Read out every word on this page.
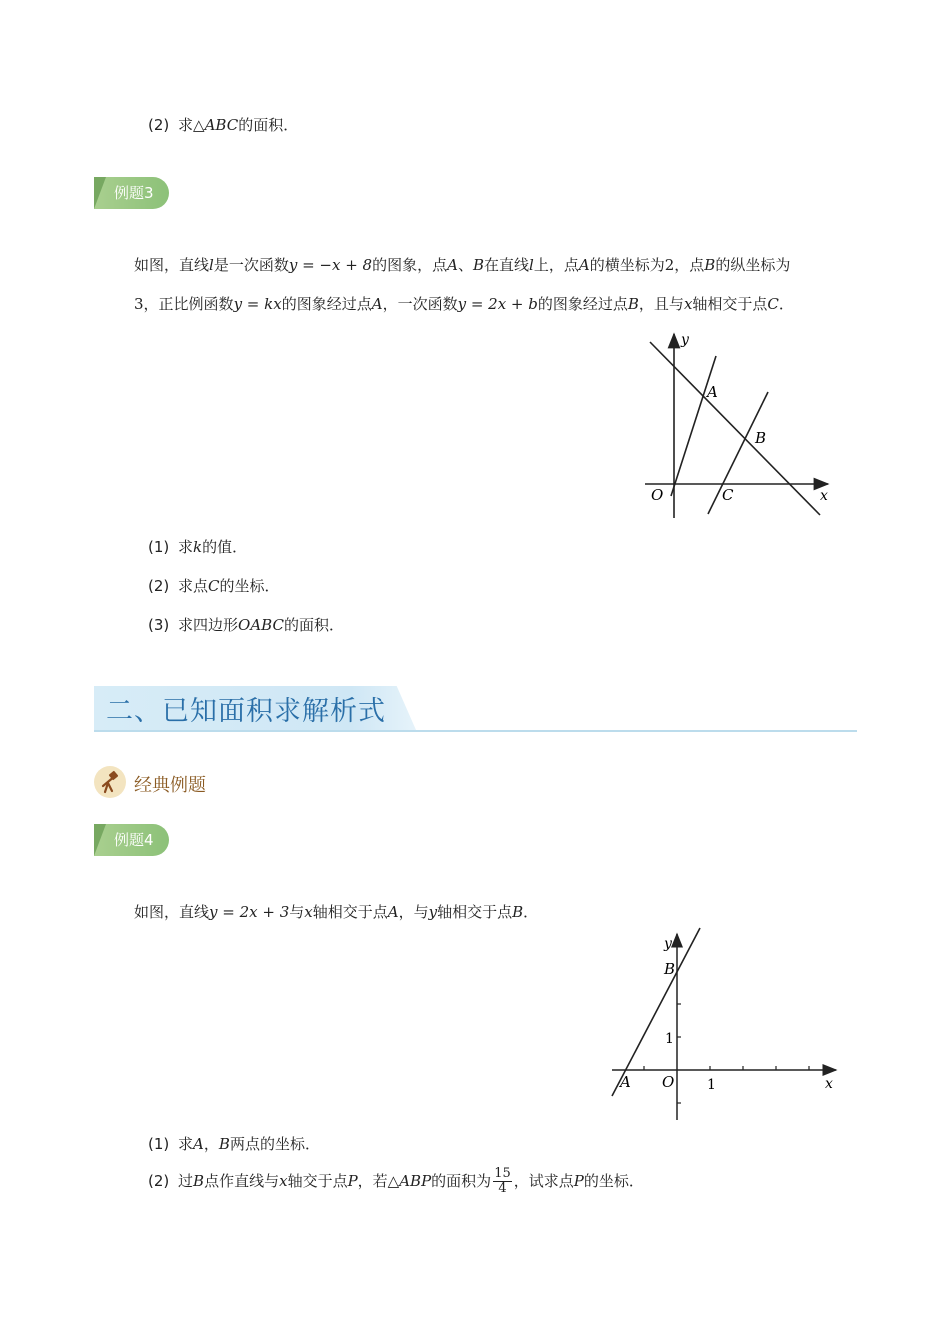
(2) 求△ABC的面积．
例题3
如图，直线l是一次函数y = −x + 8的图象，点A、B在直线l上，点A的横坐标为2，点B的纵坐标为
3，正比例函数y = kx的图象经过点A，一次函数y = 2x + b的图象经过点B，且与x轴相交于点C．
y
x
O
A
B
C
(1) 求k的值．
(2) 求点C的坐标．
(3) 求四边形OABC的面积．
二、已知面积求解析式
经典例题
例题4
如图，直线y = 2x + 3与x轴相交于点A，与y轴相交于点B．
y
x
O
A
B
1
1
(1) 求A，B两点的坐标．
(2) 过B点作直线与x轴交于点P，若△ABP的面积为 $\frac{15}{4}$ ，试求点P的坐标．
